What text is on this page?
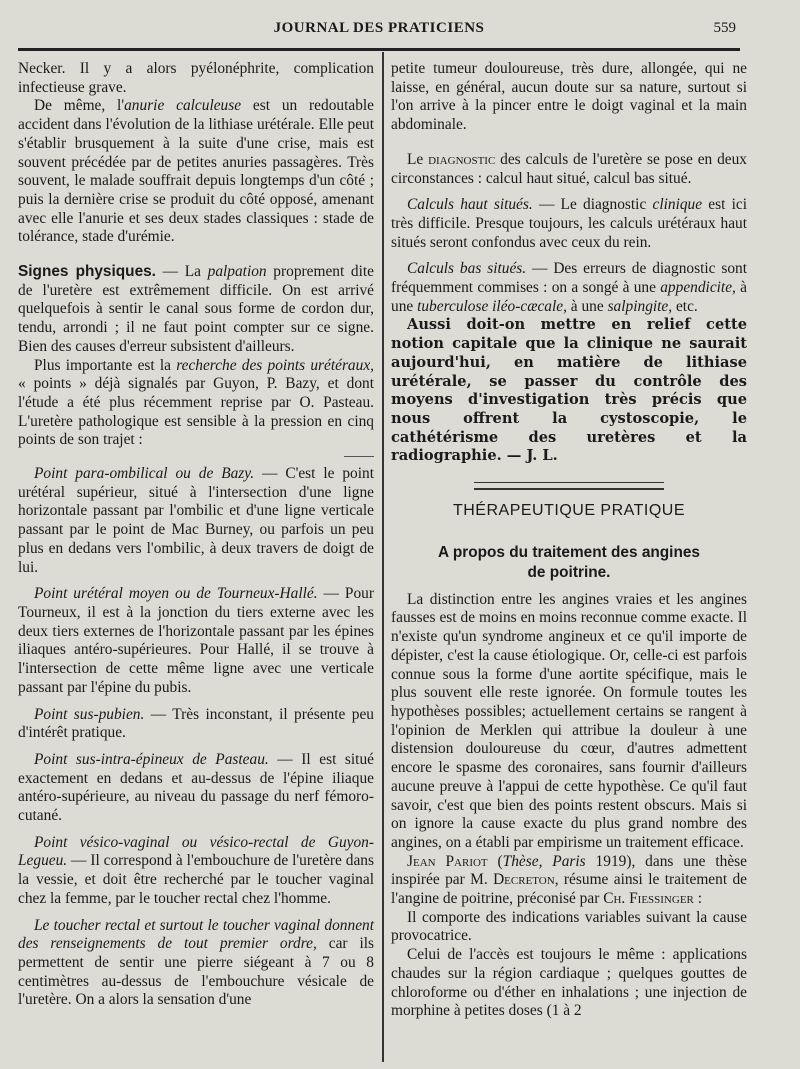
JOURNAL DES PRATICIENS	559

Necker. Il y a alors pyélonéphrite, complication infectieuse grave.

De même, l'anurie calculeuse est un redoutable accident dans l'évolution de la lithiase urétérale. Elle peut s'établir brusquement à la suite d'une crise, mais est souvent précédée par de petites anuries passagères. Très souvent, le malade souffrait depuis longtemps d'un côté ; puis la dernière crise se produit du côté opposé, amenant avec elle l'anurie et ses deux stades classiques : stade de tolérance, stade d'urémie.

Signes physiques. — La palpation proprement dite de l'uretère est extrêmement difficile. On est arrivé quelquefois à sentir le canal sous forme de cordon dur, tendu, arrondi ; il ne faut point compter sur ce signe. Bien des causes d'erreur subsistent d'ailleurs.

Plus importante est la recherche des points urétéraux, « points » déjà signalés par Guyon, P. Bazy, et dont l'étude a été plus récemment reprise par O. Pasteau. L'uretère pathologique est sensible à la pression en cinq points de son trajet :

Point para-ombilical ou de Bazy. — C'est le point urétéral supérieur, situé à l'intersection d'une ligne horizontale passant par l'ombilic et d'une ligne verticale passant par le point de Mac Burney, ou parfois un peu plus en dedans vers l'ombilic, à deux travers de doigt de lui.

Point urétéral moyen ou de Tourneux-Hallé. — Pour Tourneux, il est à la jonction du tiers externe avec les deux tiers externes de l'horizontale passant par les épines iliaques antéro-supérieures. Pour Hallé, il se trouve à l'intersection de cette même ligne avec une verticale passant par l'épine du pubis.

Point sus-pubien. — Très inconstant, il présente peu d'intérêt pratique.

Point sus-intra-épineux de Pasteau. — Il est situé exactement en dedans et au-dessus de l'épine iliaque antéro-supérieure, au niveau du passage du nerf fémoro-cutané.

Point vésico-vaginal ou vésico-rectal de Guyon-Legueu. — Il correspond à l'embouchure de l'uretère dans la vessie, et doit être recherché par le toucher vaginal chez la femme, par le toucher rectal chez l'homme.

Le toucher rectal et surtout le toucher vaginal donnent des renseignements de tout premier ordre, car ils permettent de sentir une pierre siégeant à 7 ou 8 centimètres au-dessus de l'embouchure vésicale de l'uretère. On a alors la sensation d'une

petite tumeur douloureuse, très dure, allongée, qui ne laisse, en général, aucun doute sur sa nature, surtout si l'on arrive à la pincer entre le doigt vaginal et la main abdominale.

Le diagnostic des calculs de l'uretère se pose en deux circonstances : calcul haut situé, calcul bas situé.

Calculs haut situés. — Le diagnostic clinique est ici très difficile. Presque toujours, les calculs urétéraux haut situés seront confondus avec ceux du rein.

Calculs bas situés. — Des erreurs de diagnostic sont fréquemment commises : on a songé à une appendicite, à une tuberculose iléo-cæcale, à une salpingite, etc.

Aussi doit-on mettre en relief cette notion capitale que la clinique ne saurait aujourd'hui, en matière de lithiase urétérale, se passer du contrôle des moyens d'investigation très précis que nous offrent la cystoscopie, le cathétérisme des uretères et la radiographie. — J. L.

THÉRAPEUTIQUE PRATIQUE
A propos du traitement des angines
de poitrine.

La distinction entre les angines vraies et les angines fausses est de moins en moins reconnue comme exacte. Il n'existe qu'un syndrome angineux et ce qu'il importe de dépister, c'est la cause étiologique. Or, celle-ci est parfois connue sous la forme d'une aortite spécifique, mais le plus souvent elle reste ignorée. On formule toutes les hypothèses possibles; actuellement certains se rangent à l'opinion de Merklen qui attribue la douleur à une distension douloureuse du cœur, d'autres admettent encore le spasme des coronaires, sans fournir d'ailleurs aucune preuve à l'appui de cette hypothèse. Ce qu'il faut savoir, c'est que bien des points restent obscurs. Mais si on ignore la cause exacte du plus grand nombre des angines, on a établi par empirisme un traitement efficace.

Jean Pariot (Thèse, Paris 1919), dans une thèse inspirée par M. Decreton, résume ainsi le traitement de l'angine de poitrine, préconisé par Ch. Fiessinger :

Il comporte des indications variables suivant la cause provocatrice.

Celui de l'accès est toujours le même : applications chaudes sur la région cardiaque ; quelques gouttes de chloroforme ou d'éther en inhalations ; une injection de morphine à petites doses (1 à 2
